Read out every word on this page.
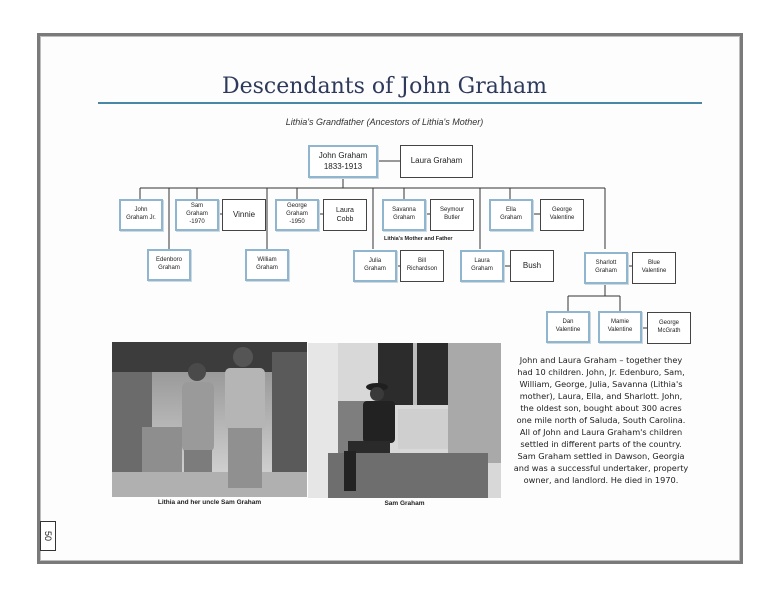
Descendants of John Graham
Lithia's Grandfather (Ancestors of Lithia's Mother)
John Graham
1833-1913
Laura Graham
John
Graham Jr.
Sam
Graham
-1970
Vinnie
George
Graham
-1950
Laura
Cobb
Savanna
Graham
Seymour
Butler
Ella
Graham
George
Valentine
Lithia's Mother and Father
Edenboro
Graham
William
Graham
Julia
Graham
Bill
Richardson
Laura
Graham	Bush	Sharlott
Graham
Blue
Valentine
Dan
Valentine
Mamie
Valentine
George
McGrath
Lithia and her uncle Sam Graham	Sam Graham
John and Laura Graham – together they had 10 children. John, Jr. Edenburo, Sam, William, George, Julia, Savanna (Lithia's mother), Laura, Ella, and Sharlott. John, the oldest son, bought about 300 acres one mile north of Saluda, South Carolina. All of John and Laura Graham's children settled in different parts of the country. Sam Graham settled in Dawson, Georgia and was a successful undertaker, property owner, and landlord. He died in 1970.
50
